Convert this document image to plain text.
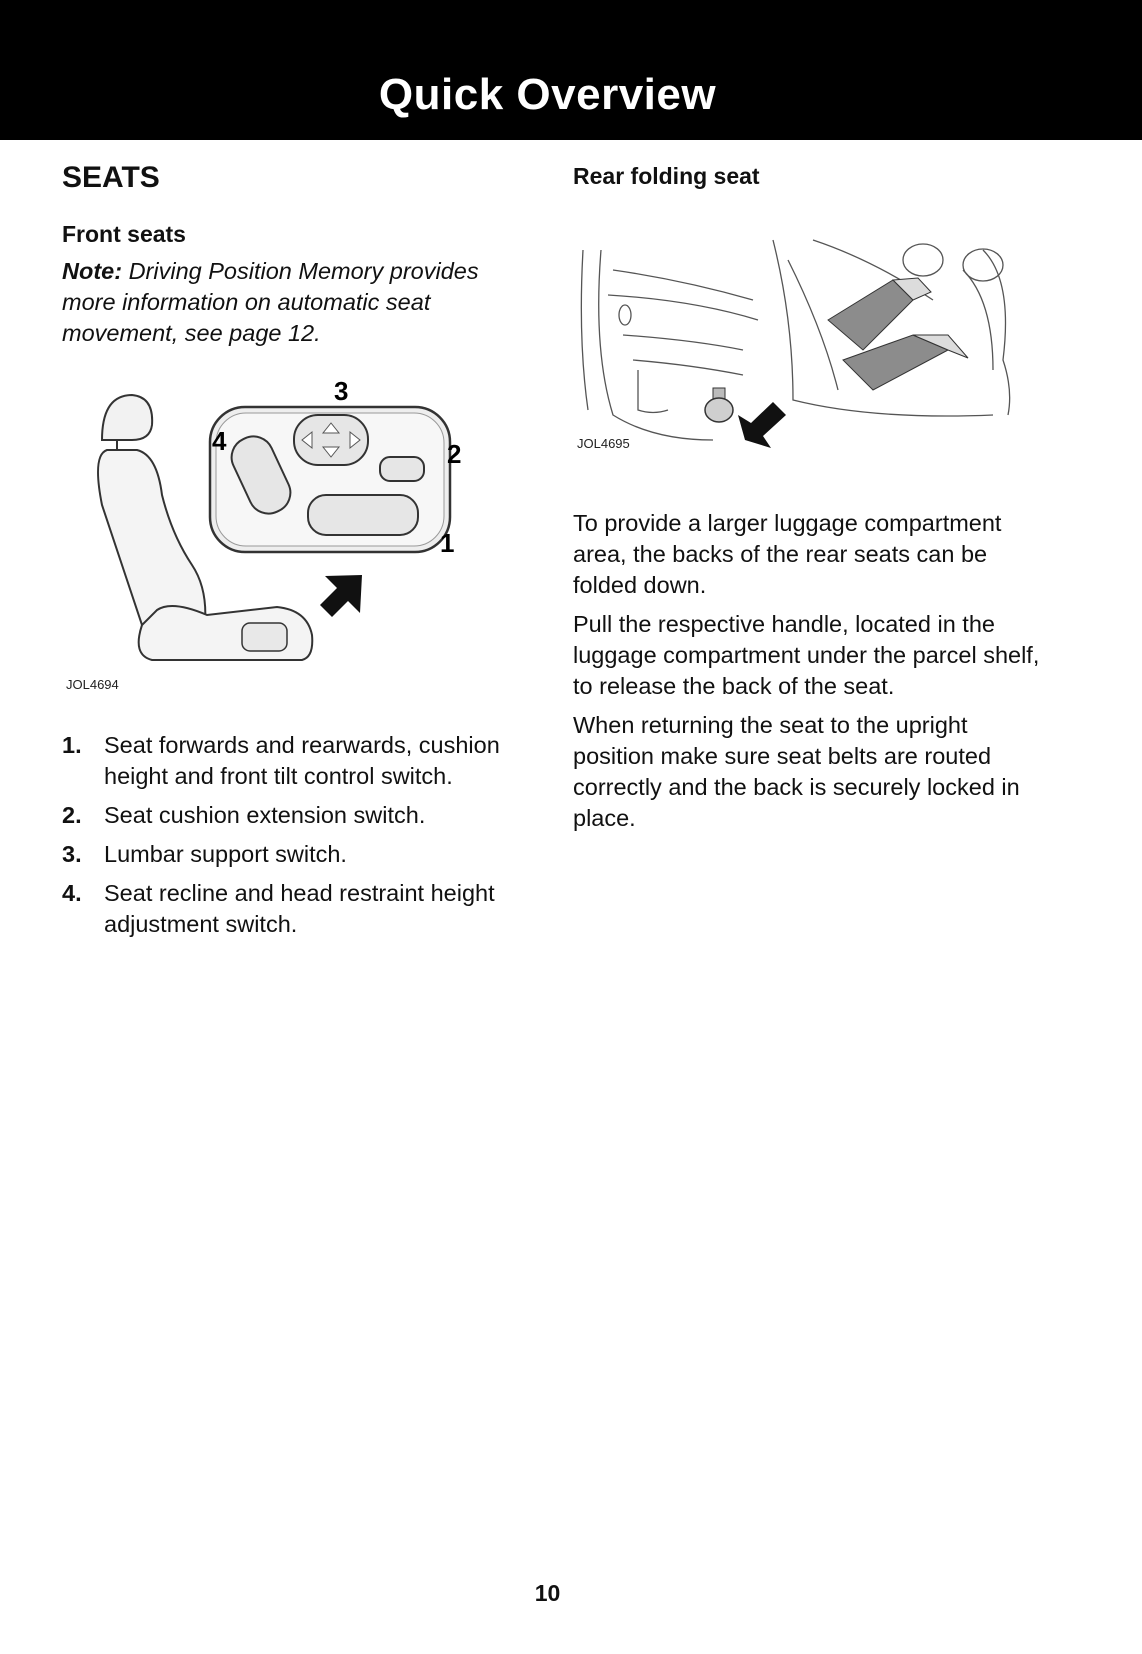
Quick Overview
SEATS
Front seats
Note: Driving Position Memory provides more information on automatic seat movement, see page 12.
3
4	2
1
JOL4694
1. Seat forwards and rearwards, cushion height and front tilt control switch.
2. Seat cushion extension switch.
3. Lumbar support switch.
4. Seat recline and head restraint height adjustment switch.
Rear folding seat
JOL4695

To provide a larger luggage compartment area, the backs of the rear seats can be folded down.

Pull the respective handle, located in the luggage compartment under the parcel shelf, to release the back of the seat.

When returning the seat to the upright position make sure seat belts are routed correctly and the back is securely locked in place.

10
